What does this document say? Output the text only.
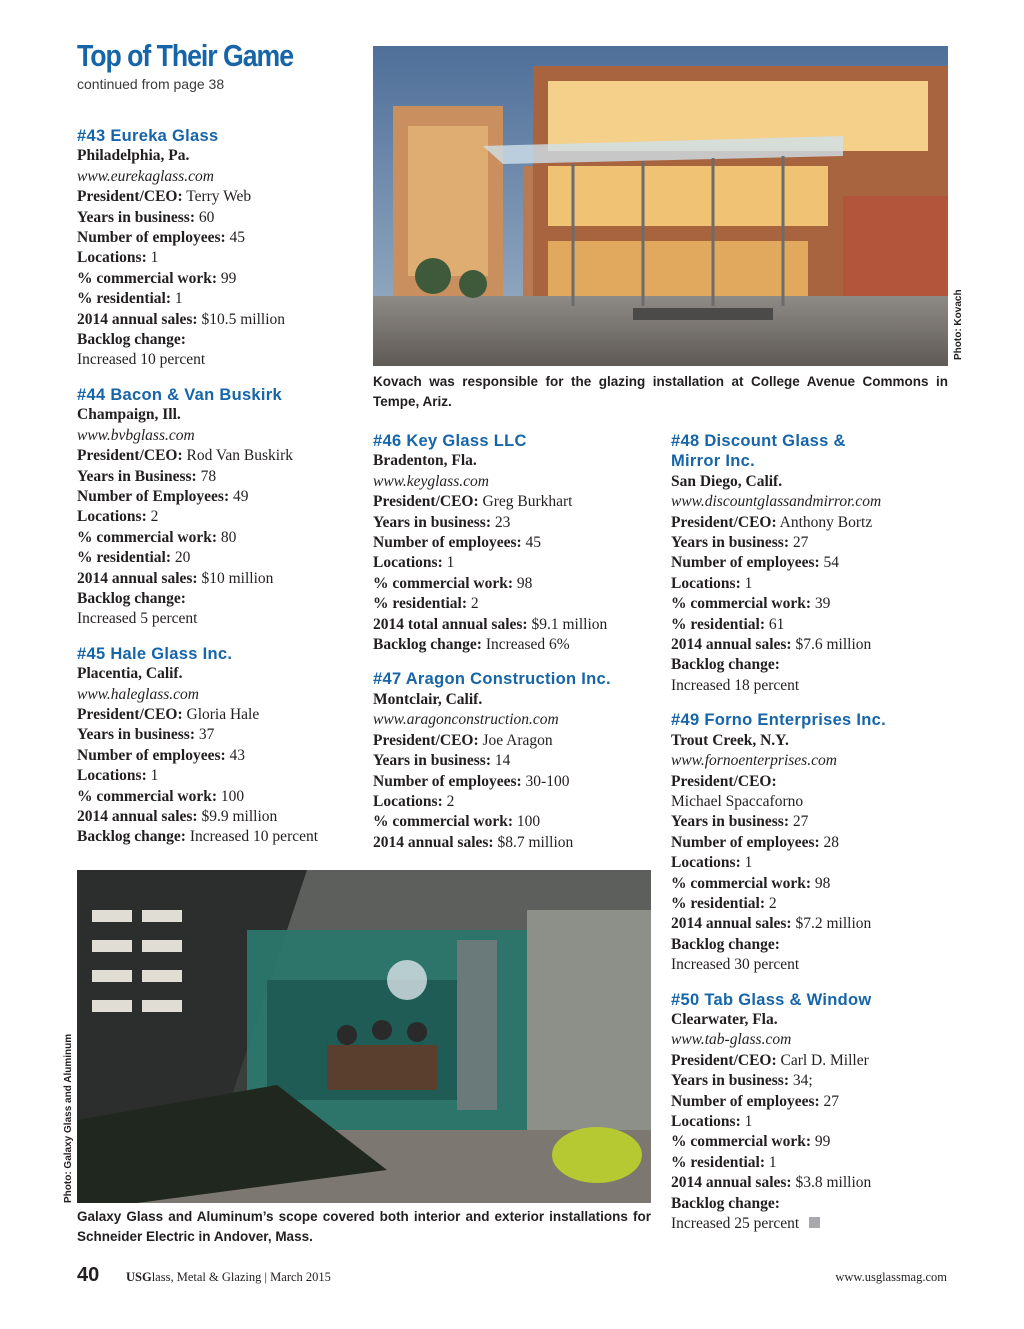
Top of Their Game
continued from page 38
Photo: Kovach
Kovach was responsible for the glazing installation at College Avenue Commons in Tempe, Ariz.
Photo: Galaxy Glass and Aluminum
Galaxy Glass and Aluminum’s scope covered both interior and exterior installations for Schneider Electric in Andover, Mass.
#43 Eureka Glass
Philadelphia, Pa.
www.eurekaglass.com
President/CEO: Terry Web
Years in business: 60
Number of employees: 45
Locations: 1
% commercial work: 99
% residential: 1
2014 annual sales: $10.5 million
Backlog change:
Increased 10 percent
#44 Bacon & Van Buskirk
Champaign, Ill.
www.bvbglass.com
President/CEO: Rod Van Buskirk
Years in Business: 78
Number of Employees: 49
Locations: 2
% commercial work: 80
% residential: 20
2014 annual sales: $10 million
Backlog change:
Increased 5 percent
#45 Hale Glass Inc.
Placentia, Calif.
www.haleglass.com
President/CEO: Gloria Hale
Years in business: 37
Number of employees: 43
Locations: 1
% commercial work: 100
2014 annual sales: $9.9 million
Backlog change: Increased 10 percent
#46 Key Glass LLC
Bradenton, Fla.
www.keyglass.com
President/CEO: Greg Burkhart
Years in business: 23
Number of employees: 45
Locations: 1
% commercial work: 98
% residential: 2
2014 total annual sales: $9.1 million
Backlog change: Increased 6%
#47 Aragon Construction Inc.
Montclair, Calif.
www.aragonconstruction.com
President/CEO: Joe Aragon
Years in business: 14
Number of employees: 30-100
Locations: 2
% commercial work: 100
2014 annual sales: $8.7 million
#48 Discount Glass & Mirror Inc.
San Diego, Calif.
www.discountglassandmirror.com
President/CEO: Anthony Bortz
Years in business: 27
Number of employees: 54
Locations: 1
% commercial work: 39
% residential: 61
2014 annual sales: $7.6 million
Backlog change:
Increased 18 percent
#49 Forno Enterprises Inc.
Trout Creek, N.Y.
www.fornoenterprises.com
President/CEO:
Michael Spaccaforno
Years in business: 27
Number of employees: 28
Locations: 1
% commercial work: 98
% residential: 2
2014 annual sales: $7.2 million
Backlog change:
Increased 30 percent
#50 Tab Glass & Window
Clearwater, Fla.
www.tab-glass.com
President/CEO: Carl D. Miller
Years in business: 34;
Number of employees: 27
Locations: 1
% commercial work: 99
% residential: 1
2014 annual sales: $3.8 million
Backlog change:
Increased 25 percent
40 USGlass, Metal & Glazing | March 2015	www.usglassmag.com
